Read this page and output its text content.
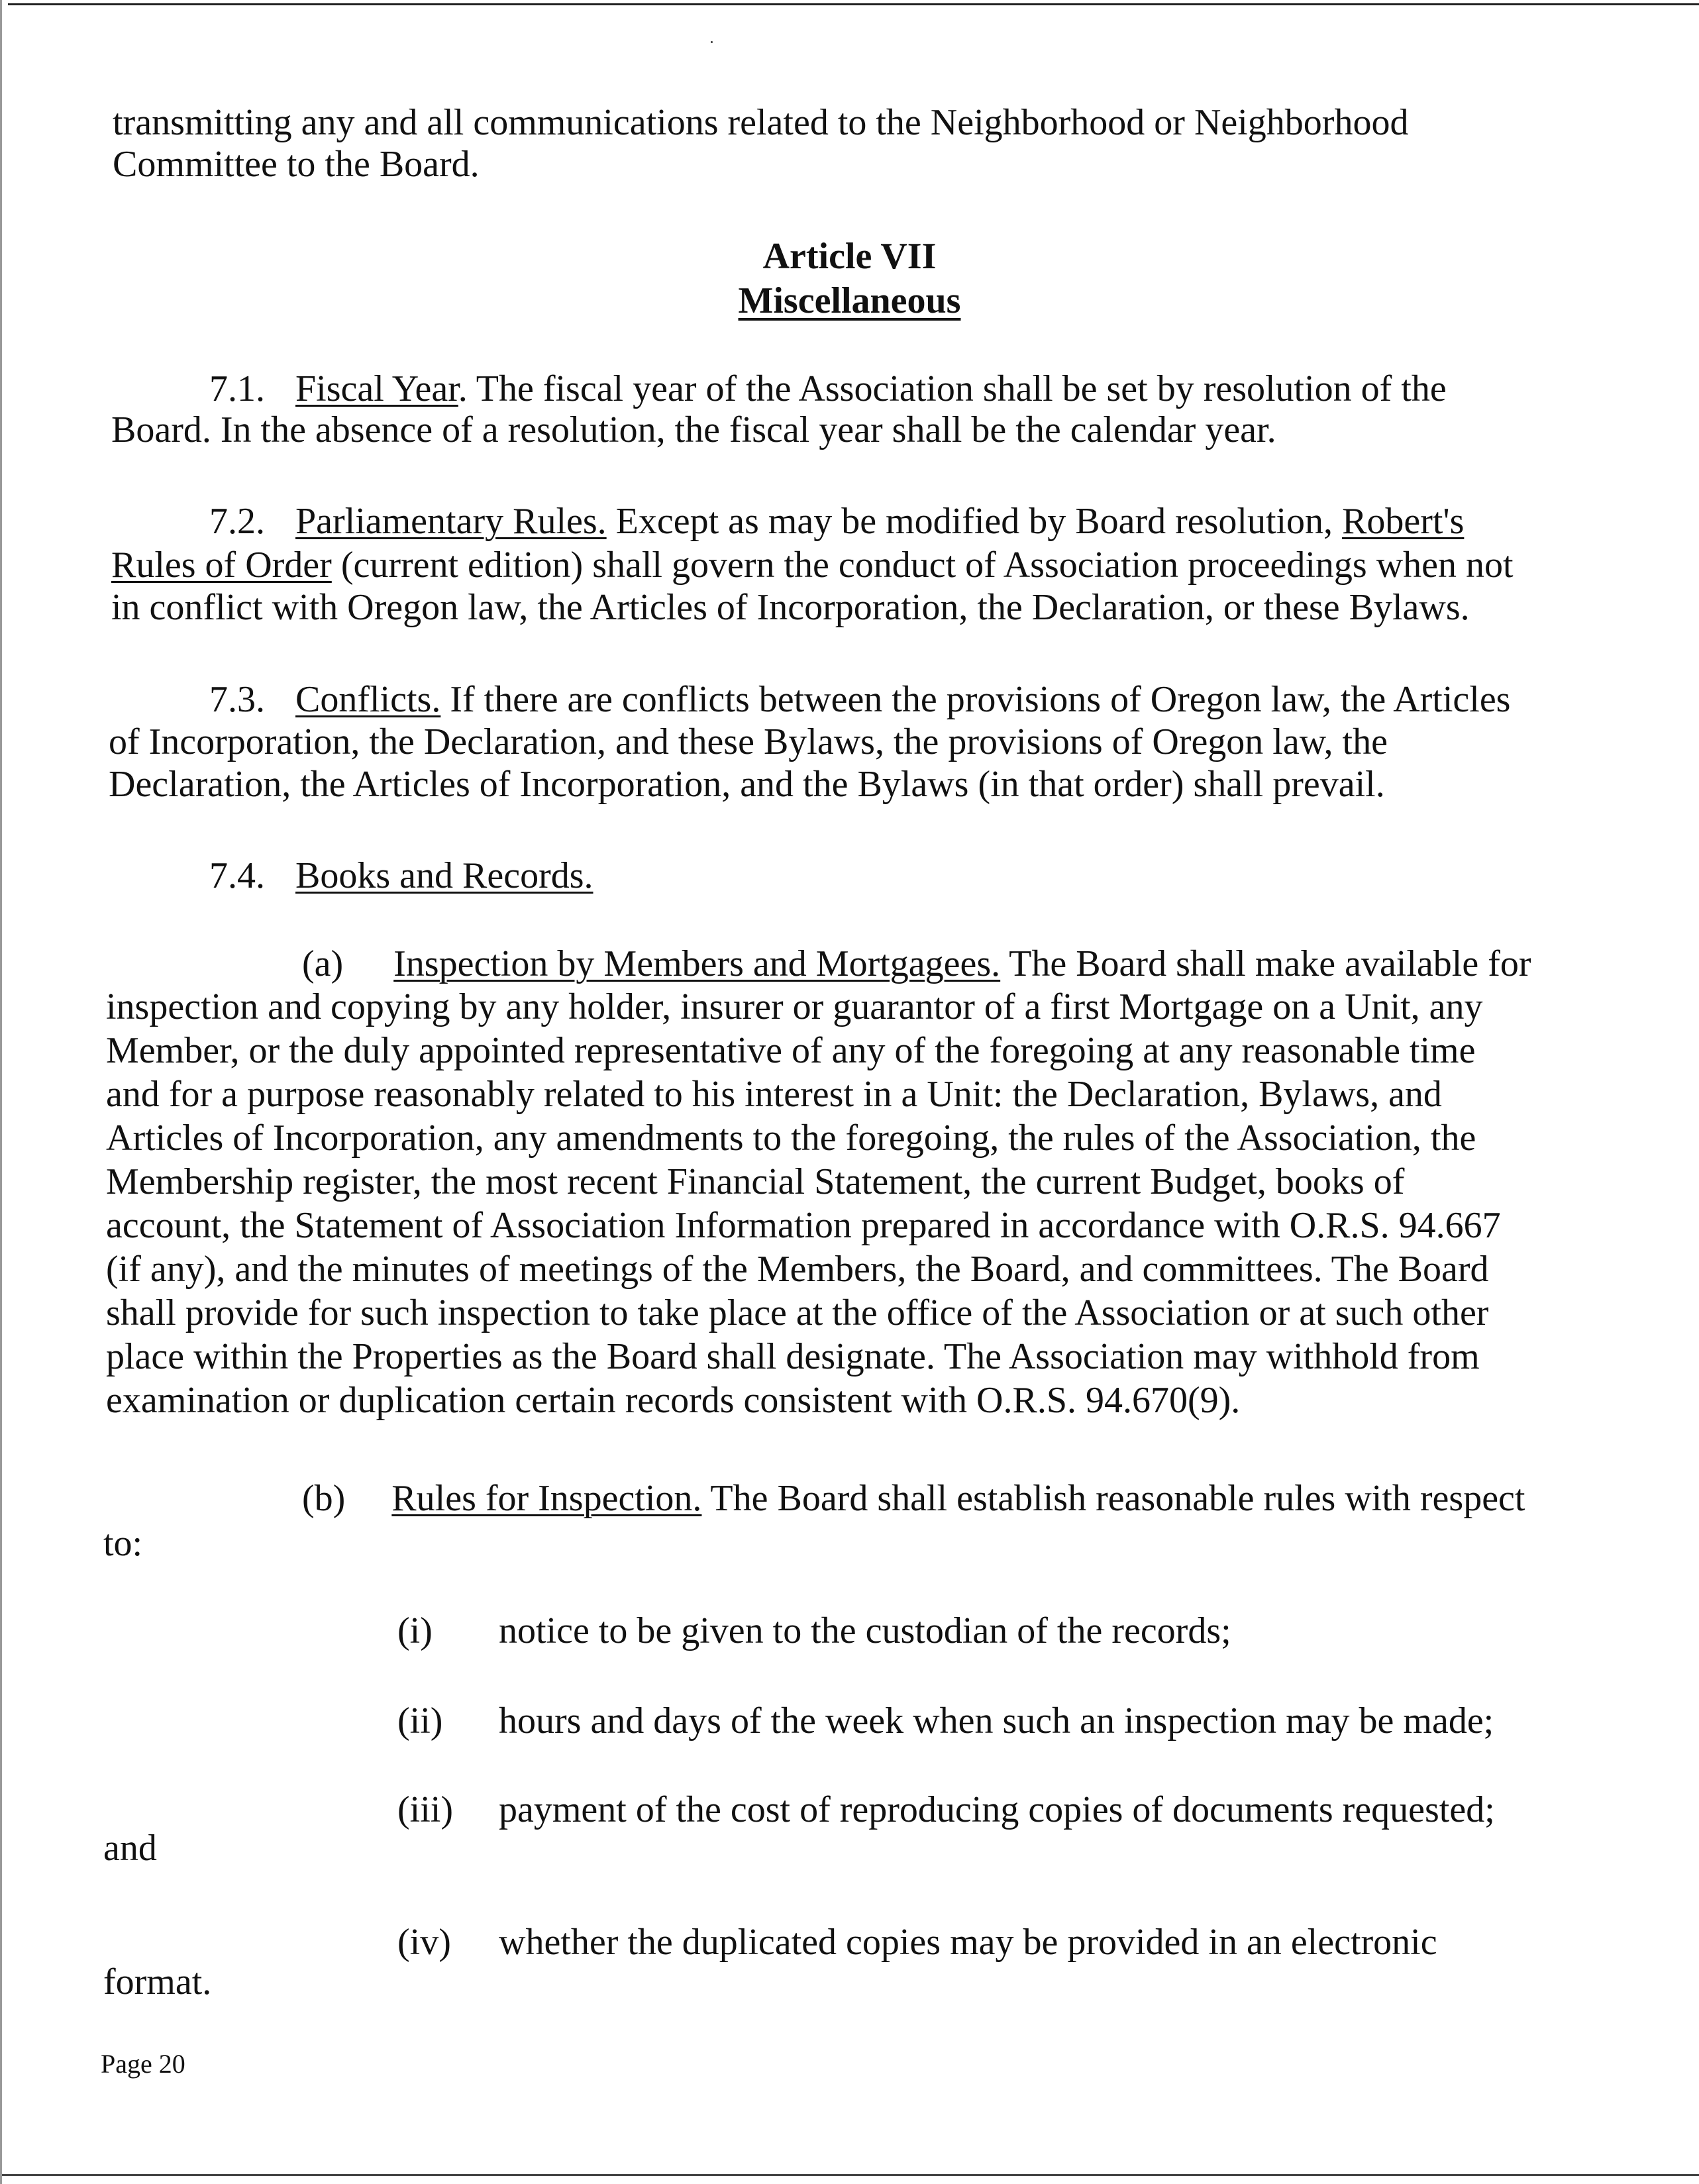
transmitting any and all communications related to the Neighborhood or Neighborhood
Committee to the Board.
Article VII
Miscellaneous
7.1. Fiscal Year. The fiscal year of the Association shall be set by resolution of the
Board. In the absence of a resolution, the fiscal year shall be the calendar year.
7.2. Parliamentary Rules. Except as may be modified by Board resolution, Robert's
Rules of Order (current edition) shall govern the conduct of Association proceedings when not
in conflict with Oregon law, the Articles of Incorporation, the Declaration, or these Bylaws.
7.3. Conflicts. If there are conflicts between the provisions of Oregon law, the Articles
of Incorporation, the Declaration, and these Bylaws, the provisions of Oregon law, the
Declaration, the Articles of Incorporation, and the Bylaws (in that order) shall prevail.
7.4. Books and Records.
(a) Inspection by Members and Mortgagees. The Board shall make available for
inspection and copying by any holder, insurer or guarantor of a first Mortgage on a Unit, any
Member, or the duly appointed representative of any of the foregoing at any reasonable time
and for a purpose reasonably related to his interest in a Unit: the Declaration, Bylaws, and
Articles of Incorporation, any amendments to the foregoing, the rules of the Association, the
Membership register, the most recent Financial Statement, the current Budget, books of
account, the Statement of Association Information prepared in accordance with O.R.S. 94.667
(if any), and the minutes of meetings of the Members, the Board, and committees. The Board
shall provide for such inspection to take place at the office of the Association or at such other
place within the Properties as the Board shall designate. The Association may withhold from
examination or duplication certain records consistent with O.R.S. 94.670(9).
(b) Rules for Inspection. The Board shall establish reasonable rules with respect
to:
(i) notice to be given to the custodian of the records;
(ii) hours and days of the week when such an inspection may be made;
(iii) payment of the cost of reproducing copies of documents requested;
and
(iv) whether the duplicated copies may be provided in an electronic
format.
Page 20
